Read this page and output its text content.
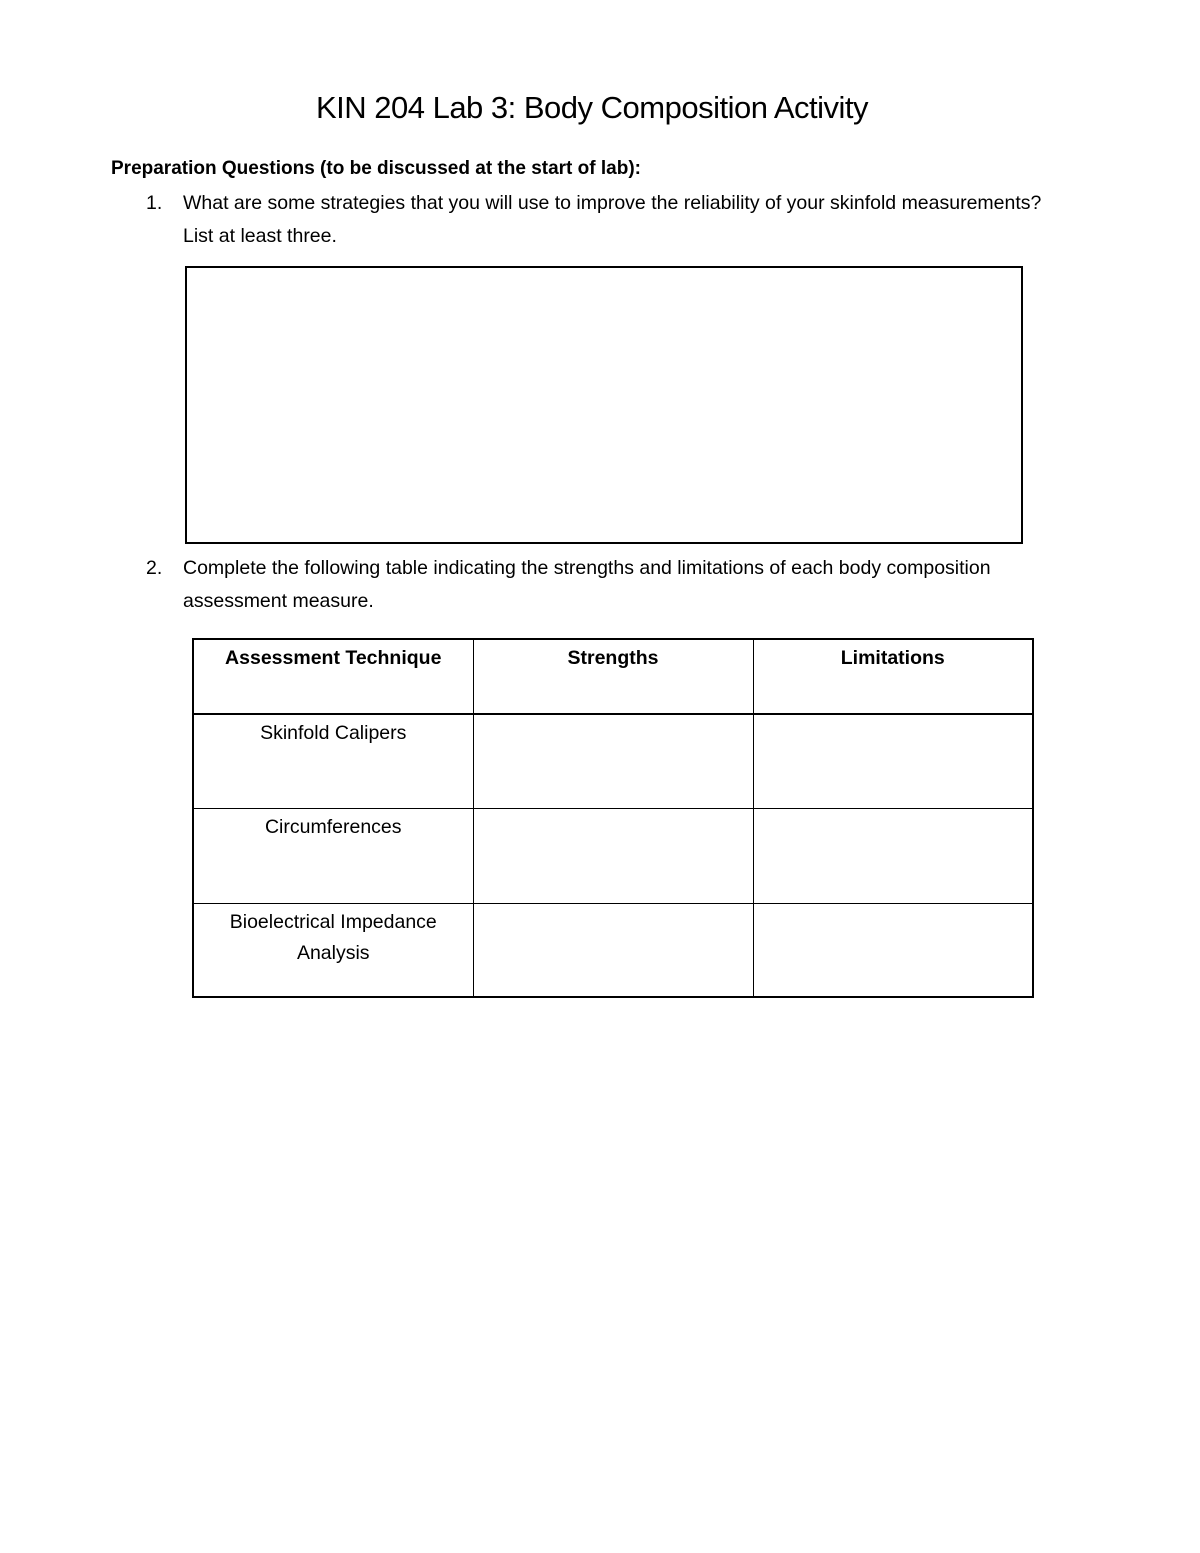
KIN 204 Lab 3: Body Composition Activity
Preparation Questions (to be discussed at the start of lab):
1. What are some strategies that you will use to improve the reliability of your skinfold measurements? List at least three.
2. Complete the following table indicating the strengths and limitations of each body composition assessment measure.
Assessment Technique	Strengths	Limitations
Skinfold Calipers		
Circumferences		
Bioelectrical Impedance Analysis		
